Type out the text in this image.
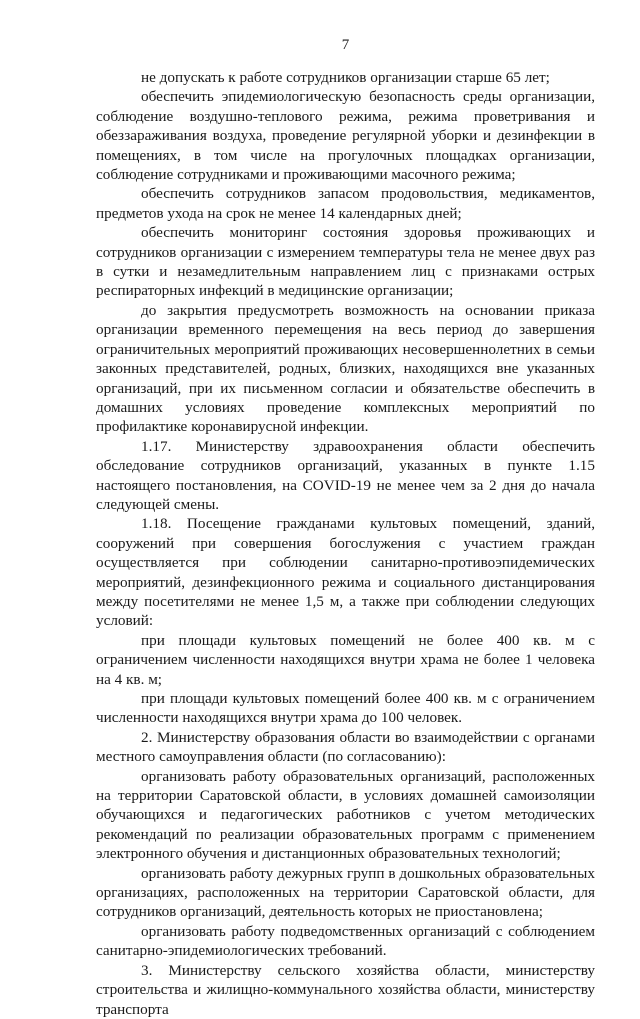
7

не допускать к работе сотрудников организации старше 65 лет;

обеспечить эпидемиологическую безопасность среды организации, соблюдение воздушно-теплового режима, режима проветривания и обеззараживания воздуха, проведение регулярной уборки и дезинфекции в помещениях, в том числе на прогулочных площадках организации, соблюдение сотрудниками и проживающими масочного режима;

обеспечить сотрудников запасом продовольствия, медикаментов, предметов ухода на срок не менее 14 календарных дней;

обеспечить мониторинг состояния здоровья проживающих и сотрудников организации с измерением температуры тела не менее двух раз в сутки и незамедлительным направлением лиц с признаками острых респираторных инфекций в медицинские организации;

до закрытия предусмотреть возможность на основании приказа организации временного перемещения на весь период до завершения ограничительных мероприятий проживающих несовершеннолетних в семьи законных представителей, родных, близких, находящихся вне указанных организаций, при их письменном согласии и обязательстве обеспечить в домашних условиях проведение комплексных мероприятий по профилактике коронавирусной инфекции.

1.17. Министерству здравоохранения области обеспечить обследование сотрудников организаций, указанных в пункте 1.15 настоящего постановления, на COVID-19 не менее чем за 2 дня до начала следующей смены.

1.18. Посещение гражданами культовых помещений, зданий, сооружений при совершения богослужения с участием граждан осуществляется при соблюдении санитарно-противоэпидемических мероприятий, дезинфекционного режима и социального дистанцирования между посетителями не менее 1,5 м, а также при соблюдении следующих условий:

при площади культовых помещений не более 400 кв. м с ограничением численности находящихся внутри храма не более 1 человека на 4 кв. м;

при площади культовых помещений более 400 кв. м с ограничением численности находящихся внутри храма до 100 человек.

2. Министерству образования области во взаимодействии с органами местного самоуправления области (по согласованию):

организовать работу образовательных организаций, расположенных на территории Саратовской области, в условиях домашней самоизоляции обучающихся и педагогических работников с учетом методических рекомендаций по реализации образовательных программ с применением электронного обучения и дистанционных образовательных технологий;

организовать работу дежурных групп в дошкольных образовательных организациях, расположенных на территории Саратовской области, для сотрудников организаций, деятельность которых не приостановлена;

организовать работу подведомственных организаций с соблюдением санитарно-эпидемиологических требований.

3. Министерству сельского хозяйства области, министерству строительства и жилищно-коммунального хозяйства области, министерству транспорта
